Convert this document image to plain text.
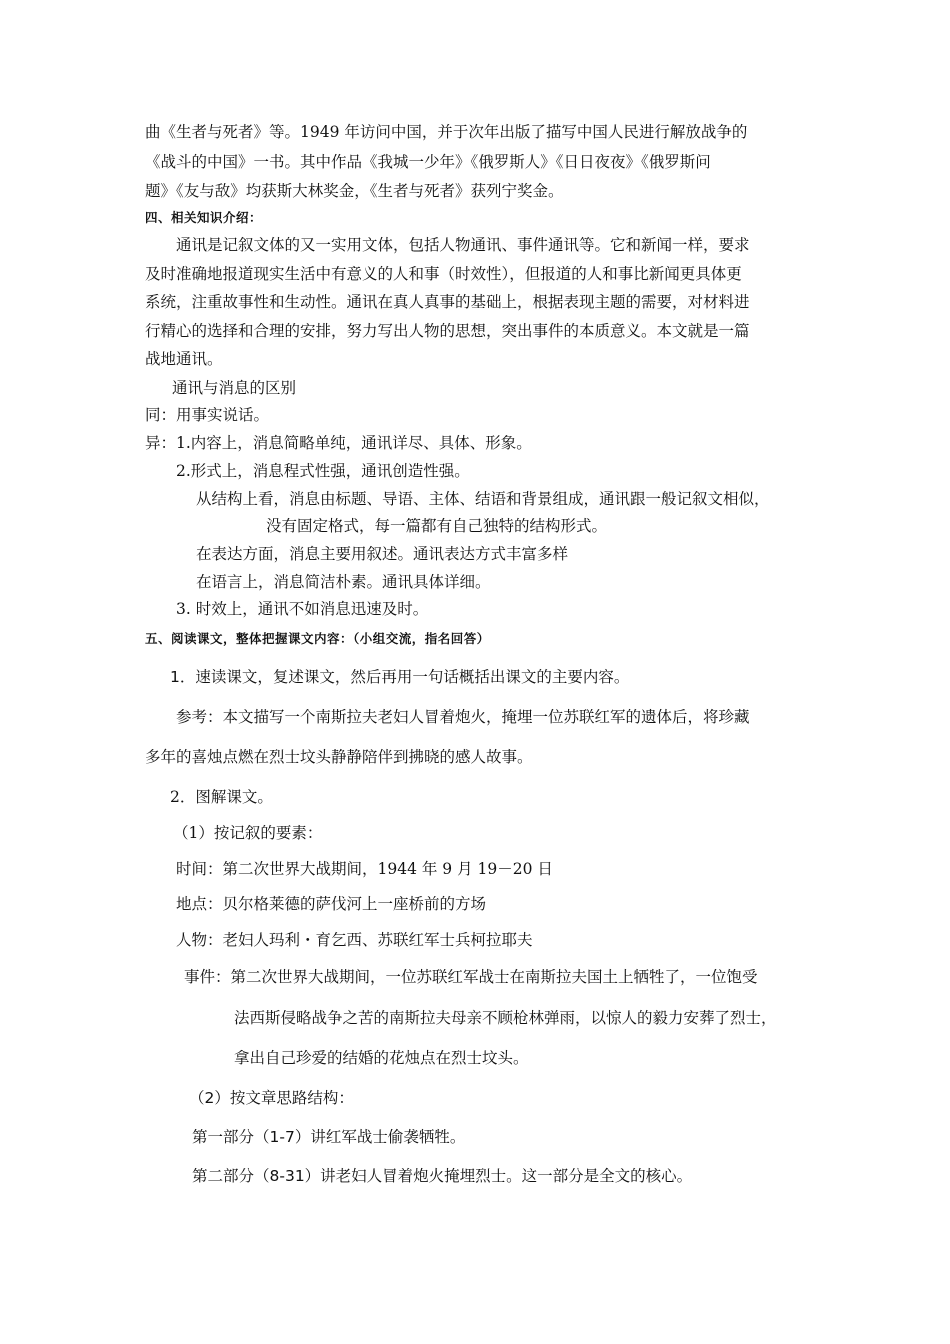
曲《生者与死者》等。1949 年访问中国，并于次年出版了描写中国人民进行解放战争的
《战斗的中国》一书。其中作品《我城一少年》《俄罗斯人》《日日夜夜》《俄罗斯问
题》《友与敌》均获斯大林奖金，《生者与死者》获列宁奖金。
四、相关知识介绍：
通讯是记叙文体的又一实用文体，包括人物通讯、事件通讯等。它和新闻一样，要求
及时准确地报道现实生活中有意义的人和事（时效性），但报道的人和事比新闻更具体更
系统，注重故事性和生动性。通讯在真人真事的基础上，根据表现主题的需要，对材料进
行精心的选择和合理的安排，努力写出人物的思想，突出事件的本质意义。本文就是一篇
战地通讯。
通讯与消息的区别
同：用事实说话。
异：1.内容上，消息简略单纯，通讯详尽、具体、形象。
2.形式上，消息程式性强，通讯创造性强。
从结构上看，消息由标题、导语、主体、结语和背景组成，通讯跟一般记叙文相似，
没有固定格式，每一篇都有自己独特的结构形式。
在表达方面，消息主要用叙述。通讯表达方式丰富多样
在语言上，消息简洁朴素。通讯具体详细。
3. 时效上，通讯不如消息迅速及时。
五、阅读课文，整体把握课文内容：（小组交流，指名回答）
1．速读课文，复述课文，然后再用一句话概括出课文的主要内容。
参考：本文描写一个南斯拉夫老妇人冒着炮火，掩埋一位苏联红军的遗体后，将珍藏
多年的喜烛点燃在烈士坟头静静陪伴到拂晓的感人故事。
2．图解课文。
（1）按记叙的要素：
时间：第二次世界大战期间，1944 年 9 月 19－20 日
地点：贝尔格莱德的萨伐河上一座桥前的方场
人物：老妇人玛利・育乞西、苏联红军士兵柯拉耶夫
事件：第二次世界大战期间，一位苏联红军战士在南斯拉夫国土上牺牲了，一位饱受
法西斯侵略战争之苦的南斯拉夫母亲不顾枪林弹雨，以惊人的毅力安葬了烈士，
拿出自己珍爱的结婚的花烛点在烈士坟头。
（2）按文章思路结构：
第一部分（1-7）讲红军战士偷袭牺牲。
第二部分（8-31）讲老妇人冒着炮火掩埋烈士。这一部分是全文的核心。
